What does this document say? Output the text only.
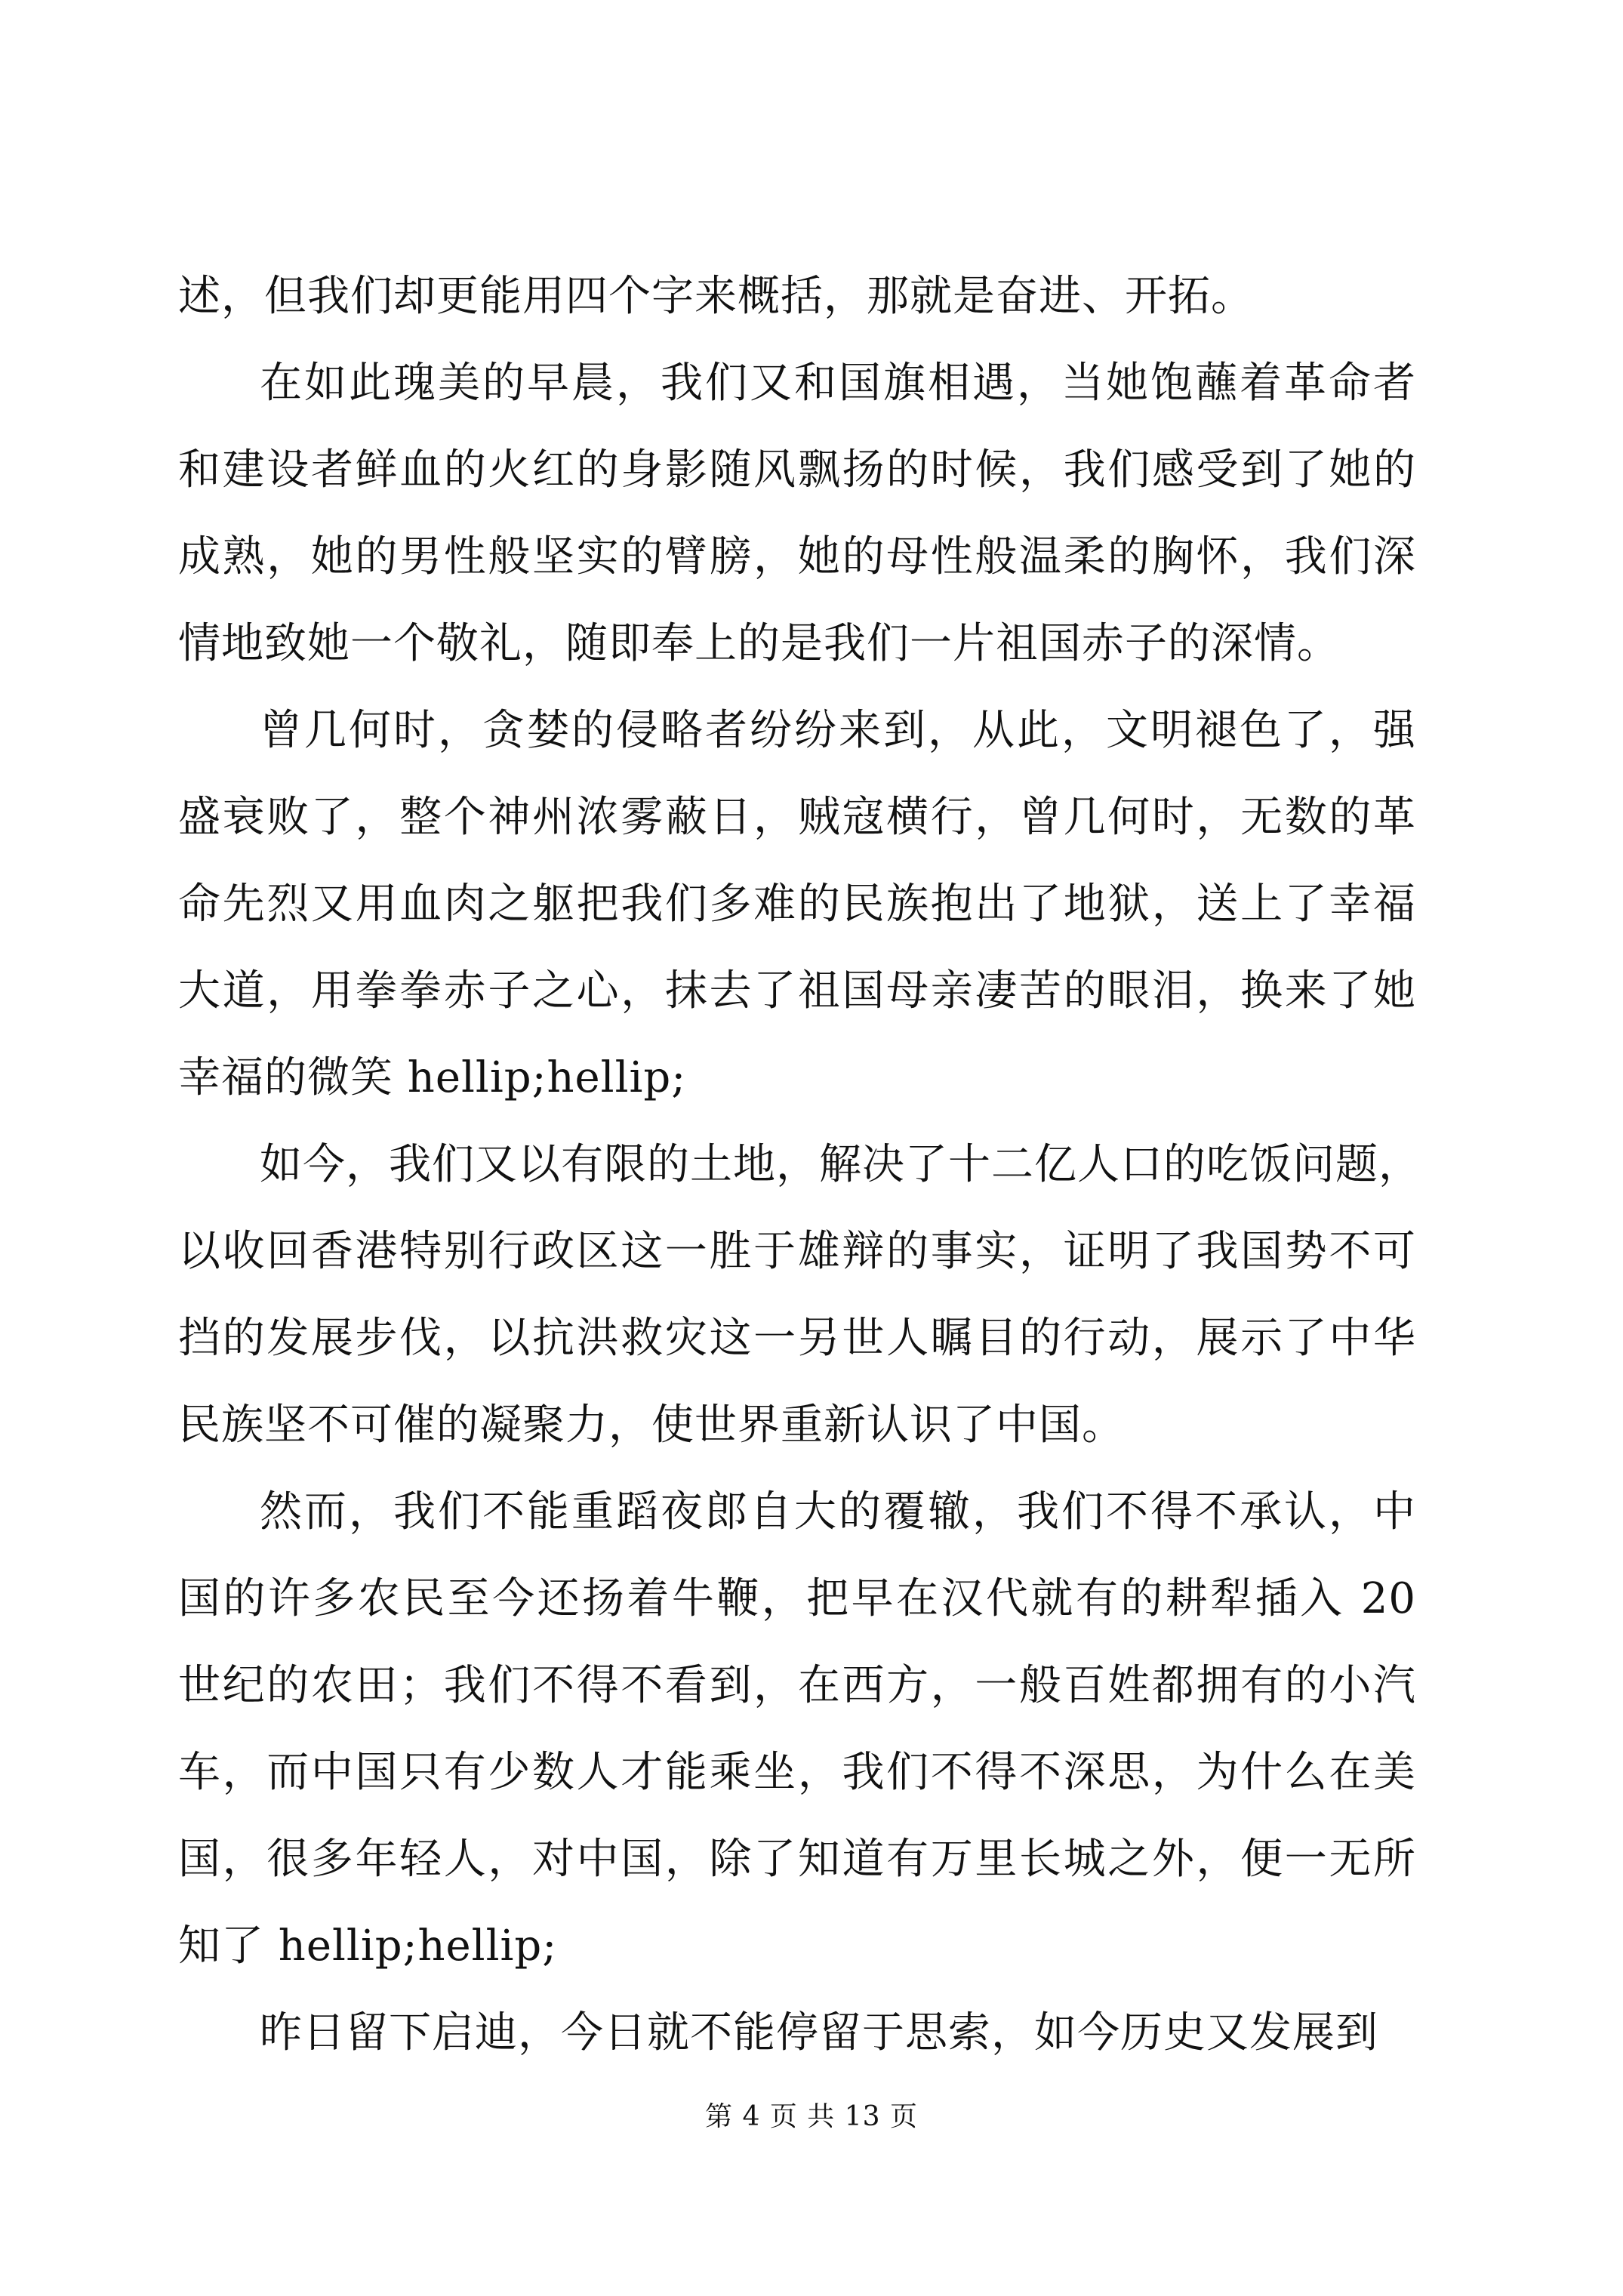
述，但我们却更能用四个字来概括，那就是奋进、开拓。
在如此瑰美的早晨，我们又和国旗相遇，当她饱蘸着革命者
和建设者鲜血的火红的身影随风飘扬的时候，我们感受到了她的
成熟，她的男性般坚实的臂膀，她的母性般温柔的胸怀，我们深
情地致她一个敬礼，随即奉上的是我们一片祖国赤子的深情。
曾几何时，贪婪的侵略者纷纷来到，从此，文明褪色了，强
盛衰败了，整个神州浓雾蔽日，贼寇横行，曾几何时，无数的革
命先烈又用血肉之躯把我们多难的民族抱出了地狱，送上了幸福
大道，用拳拳赤子之心，抹去了祖国母亲凄苦的眼泪，换来了她
幸福的微笑 hellip;hellip;
如今，我们又以有限的土地，解决了十二亿人口的吃饭问题，
以收回香港特别行政区这一胜于雄辩的事实，证明了我国势不可
挡的发展步伐，以抗洪救灾这一另世人瞩目的行动，展示了中华
民族坚不可催的凝聚力，使世界重新认识了中国。
然而，我们不能重蹈夜郎自大的覆辙，我们不得不承认，中
国的许多农民至今还扬着牛鞭，把早在汉代就有的耕犁插入 20
世纪的农田；我们不得不看到，在西方，一般百姓都拥有的小汽
车，而中国只有少数人才能乘坐，我们不得不深思，为什么在美
国，很多年轻人，对中国，除了知道有万里长城之外，便一无所
知了 hellip;hellip;
昨日留下启迪，今日就不能停留于思索，如今历史又发展到
第 4 页 共 13 页
